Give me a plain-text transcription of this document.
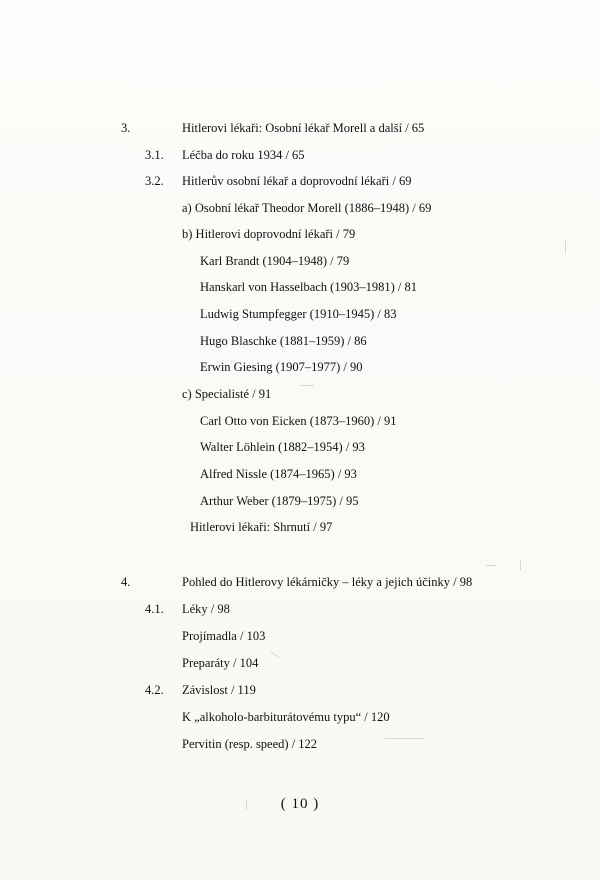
3.	Hitlerovi lékaři: Osobní lékař Morell a další / 65
3.1. Léčba do roku 1934 / 65
3.2. Hitlerův osobní lékař a doprovodní lékaři / 69
a) Osobní lékař Theodor Morell (1886–1948) / 69
b) Hitlerovi doprovodní lékaři / 79
Karl Brandt (1904–1948) / 79
Hanskarl von Hasselbach (1903–1981) / 81
Ludwig Stumpfegger (1910–1945) / 83
Hugo Blaschke (1881–1959) / 86
Erwin Giesing (1907–1977) / 90
c) Specialisté / 91
Carl Otto von Eicken (1873–1960) / 91
Walter Löhlein (1882–1954) / 93
Alfred Nissle (1874–1965) / 93
Arthur Weber (1879–1975) / 95
Hitlerovi lékaři: Shrnutí / 97
4.	Pohled do Hitlerovy lékárničky – léky a jejich účinky / 98
4.1. Léky / 98
Projímadla / 103
Preparáty / 104
4.2. Závislost / 119
K „alkoholo-barbiturátovému typu“ / 120
Pervitin (resp. speed) / 122
( 10 )
